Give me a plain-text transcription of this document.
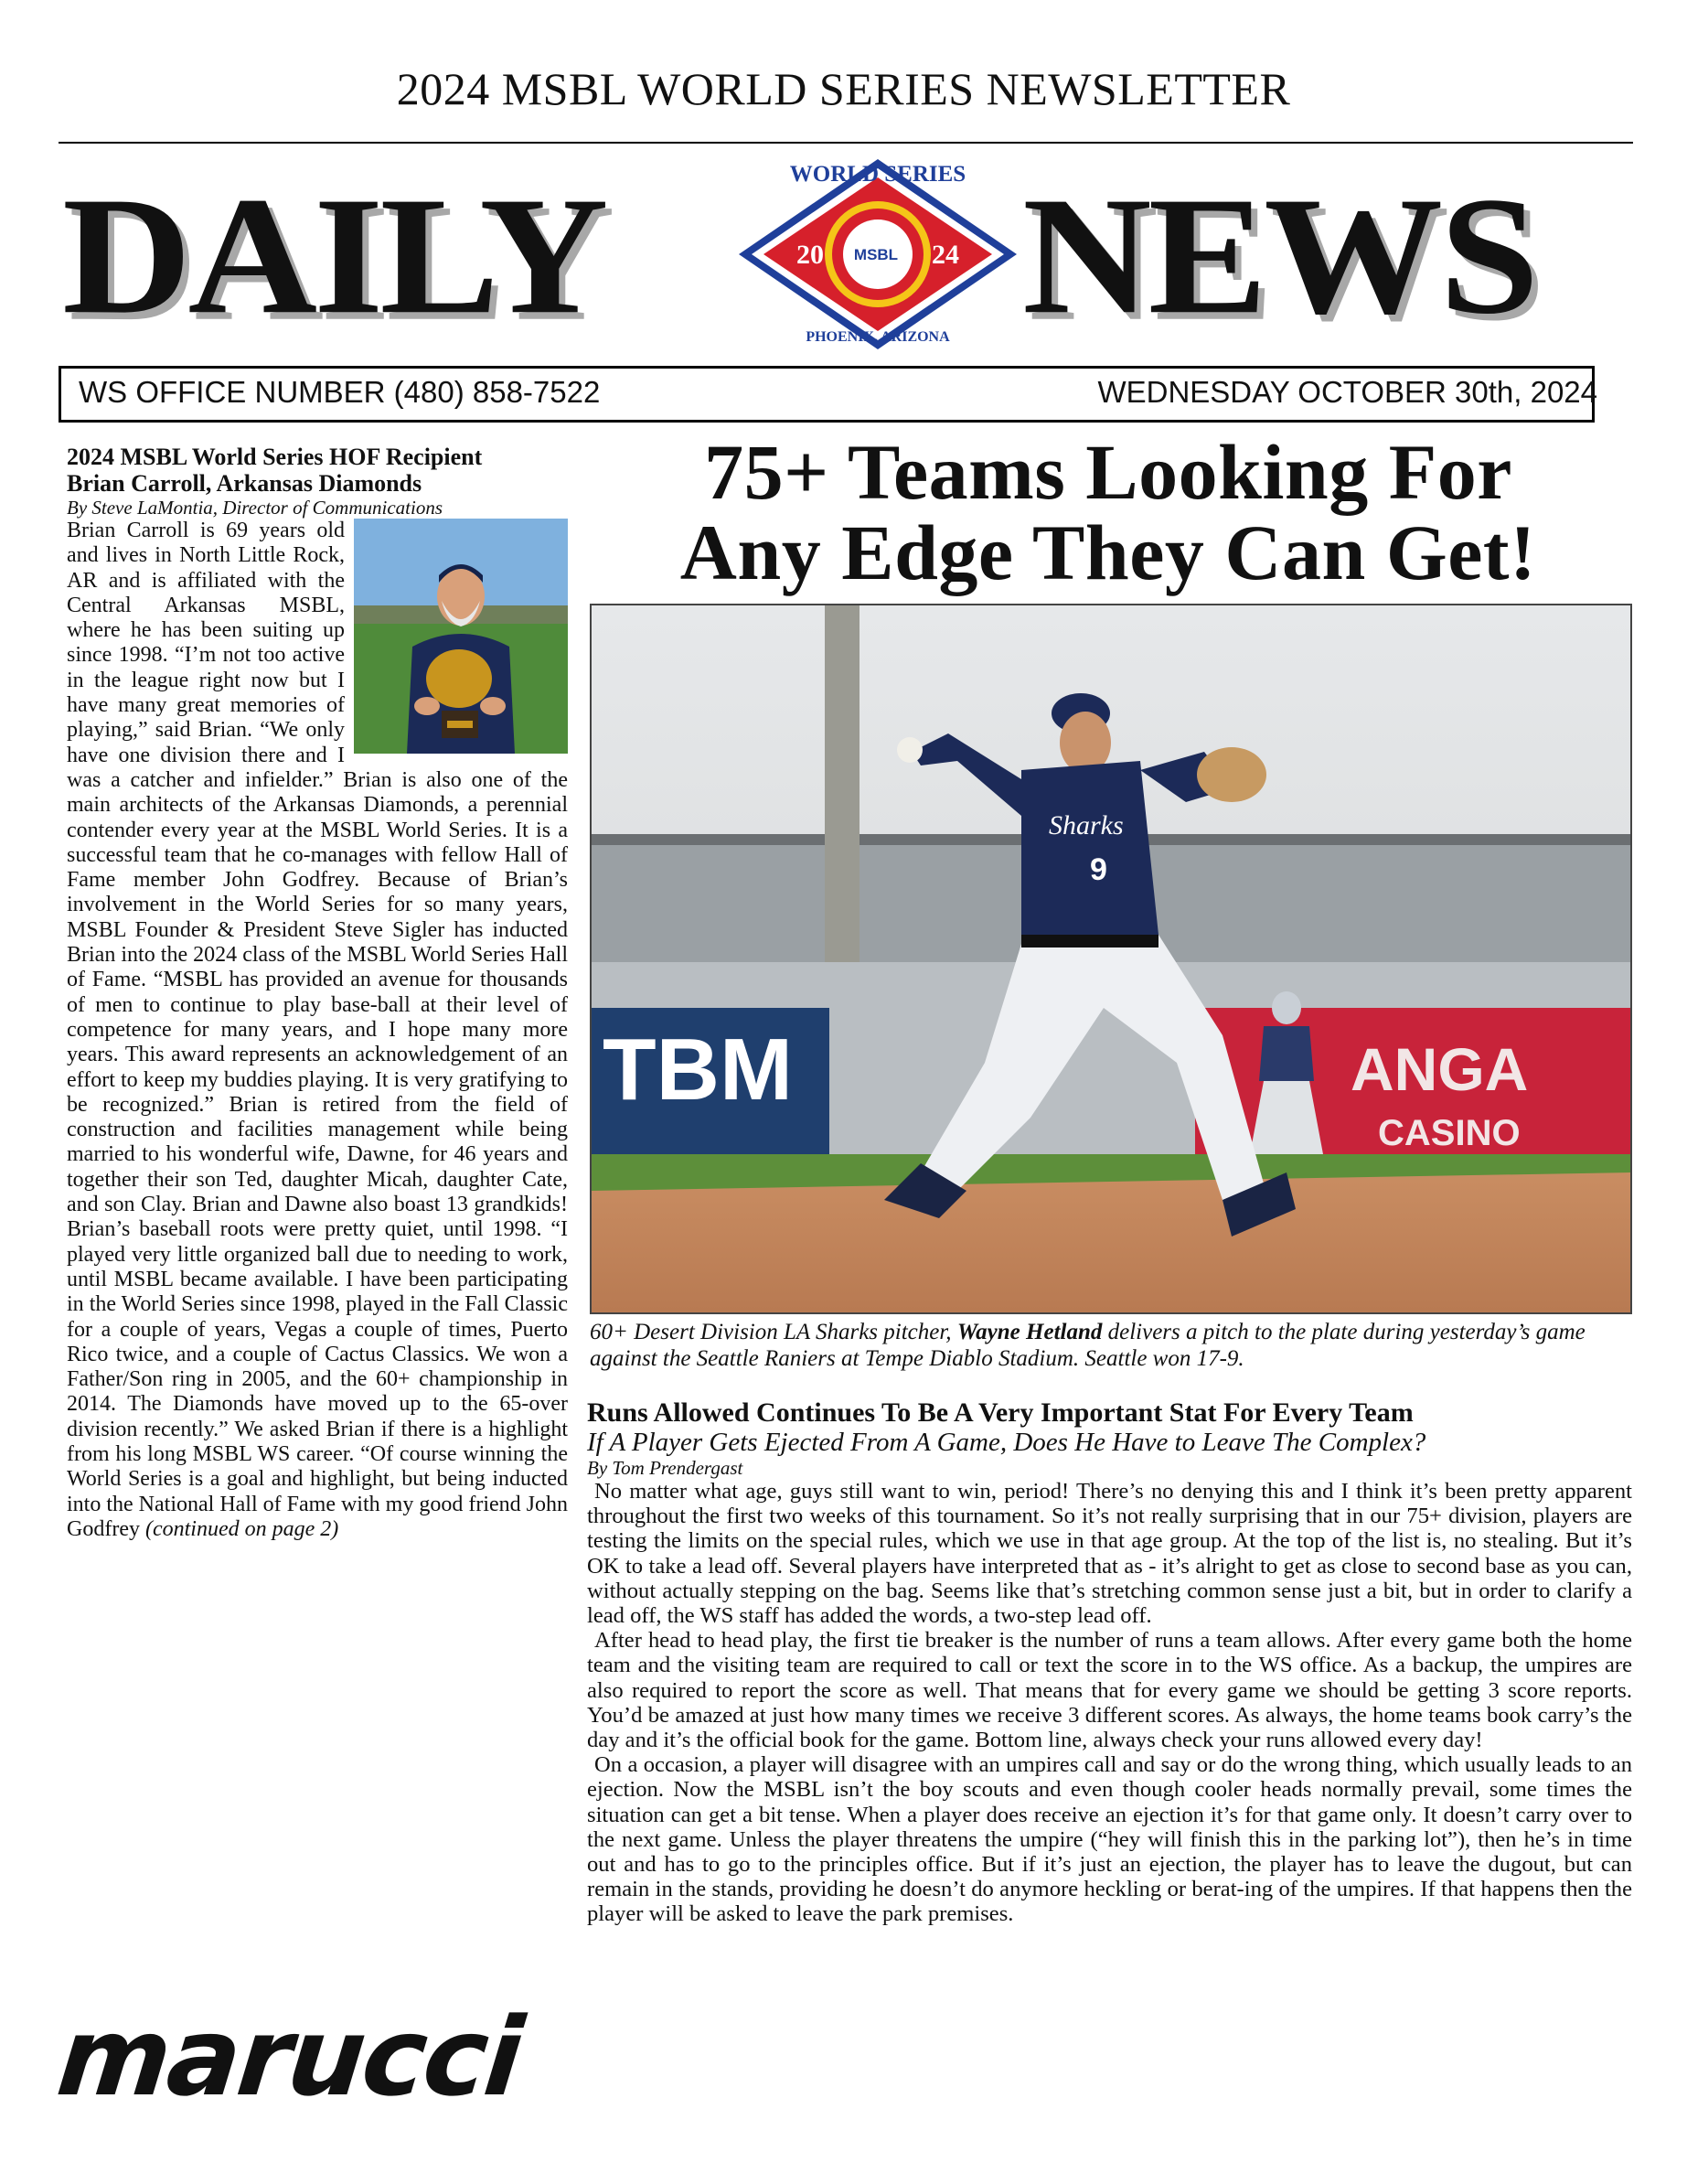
2024 MSBL WORLD SERIES NEWSLETTER
DAILY NEWS
WORLD SERIES
20	24
MSBL
PHOENIX, ARIZONA
WS OFFICE NUMBER (480) 858-7522	WEDNESDAY OCTOBER 30th, 2024
2024 MSBL World Series HOF Recipient
Brian Carroll, Arkansas Diamonds
By Steve LaMontia, Director of Communications
Brian Carroll is 69 years old and lives in North Little Rock, AR and is affiliated with the Central Arkansas MSBL, where he has been suiting up since 1998. “I’m not too active in the league right now but I have many great memories of playing,” said Brian. “We only have one division there and I was a catcher and infielder.” Brian is also one of the main architects of the Arkansas Diamonds, a perennial contender every year at the MSBL World Series. It is a successful team that he co-manages with fellow Hall of Fame member John Godfrey. Because of Brian’s involvement in the World Series for so many years, MSBL Founder & President Steve Sigler has inducted Brian into the 2024 class of the MSBL World Series Hall of Fame. “MSBL has provided an avenue for thousands of men to continue to play base-ball at their level of competence for many years, and I hope many more years. This award represents an acknowledgement of an effort to keep my buddies playing. It is very gratifying to be recognized.” Brian is retired from the field of construction and facilities management while being married to his wonderful wife, Dawne, for 46 years and together their son Ted, daughter Micah, daughter Cate, and son Clay. Brian and Dawne also boast 13 grandkids! Brian’s baseball roots were pretty quiet, until 1998. “I played very little organized ball due to needing to work, until MSBL became available. I have been participating in the World Series since 1998, played in the Fall Classic for a couple of years, Vegas a couple of times, Puerto Rico twice, and a couple of Cactus Classics. We won a Father/Son ring in 2005, and the 60+ championship in 2014. The Diamonds have moved up to the 65-over division recently.” We asked Brian if there is a highlight from his long MSBL WS career. “Of course winning the World Series is a goal and highlight, but being inducted into the National Hall of Fame with my good friend John Godfrey (continued on page 2)
75+ Teams Looking For
Any Edge They Can Get!
TBM	ANGA
CASINO
Sharks
9
60+ Desert Division LA Sharks pitcher, Wayne Hetland delivers a pitch to the plate during yesterday’s game against the Seattle Raniers at Tempe Diablo Stadium. Seattle won 17-9.
Runs Allowed Continues To Be A Very Important Stat For Every Team
If A Player Gets Ejected From A Game, Does He Have to Leave The Complex?
By Tom Prendergast

No matter what age, guys still want to win, period! There’s no denying this and I think it’s been pretty apparent throughout the first two weeks of this tournament. So it’s not really surprising that in our 75+ division, players are testing the limits on the special rules, which we use in that age group. At the top of the list is, no stealing. But it’s OK to take a lead off. Several players have interpreted that as - it’s alright to get as close to second base as you can, without actually stepping on the bag. Seems like that’s stretching common sense just a bit, but in order to clarify a lead off, the WS staff has added the words, a two-step lead off.

After head to head play, the first tie breaker is the number of runs a team allows. After every game both the home team and the visiting team are required to call or text the score in to the WS office. As a backup, the umpires are also required to report the score as well. That means that for every game we should be getting 3 score reports. You’d be amazed at just how many times we receive 3 different scores. As always, the home teams book carry’s the day and it’s the official book for the game. Bottom line, always check your runs allowed every day!

On a occasion, a player will disagree with an umpires call and say or do the wrong thing, which usually leads to an ejection. Now the MSBL isn’t the boy scouts and even though cooler heads normally prevail, some times the situation can get a bit tense. When a player does receive an ejection it’s for that game only. It doesn’t carry over to the next game. Unless the player threatens the umpire (“hey will finish this in the parking lot”), then he’s in time out and has to go to the principles office. But if it’s just an ejection, the player has to leave the dugout, but can remain in the stands, providing he doesn’t do anymore heckling or berat-ing of the umpires. If that happens then the player will be asked to leave the park premises.

marucci
